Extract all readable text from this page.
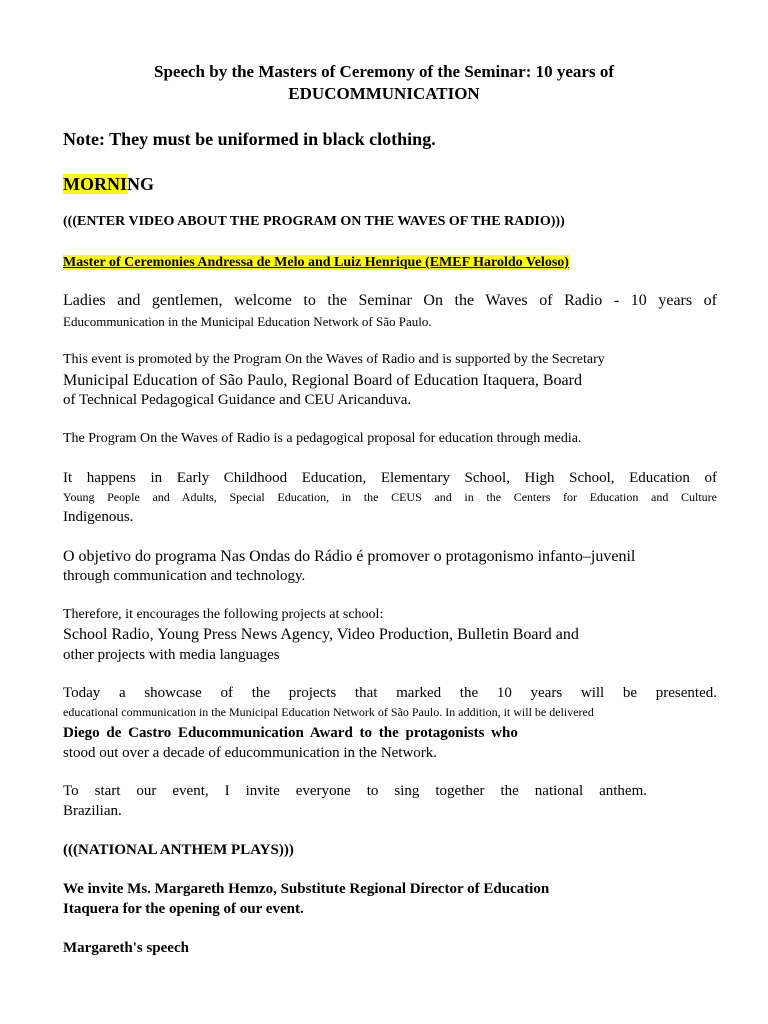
Speech by the Masters of Ceremony of the Seminar: 10 years of
EDUCOMMUNICATION
Note: They must be uniformed in black clothing.
MORNING
(((ENTER VIDEO ABOUT THE PROGRAM ON THE WAVES OF THE RADIO)))
Master of Ceremonies Andressa de Melo and Luiz Henrique (EMEF Haroldo Veloso)
Ladies and gentlemen, welcome to the Seminar On the Waves of Radio - 10 years of
Educommunication in the Municipal Education Network of São Paulo.
This event is promoted by the Program On the Waves of Radio and is supported by the Secretary
Municipal Education of São Paulo, Regional Board of Education Itaquera, Board
of Technical Pedagogical Guidance and CEU Aricanduva.
The Program On the Waves of Radio is a pedagogical proposal for education through media.
It happens in Early Childhood Education, Elementary School, High School, Education of
Young People and Adults, Special Education, in the CEUS and in the Centers for Education and Culture
Indigenous.
O objetivo do programa Nas Ondas do Rádio é promover o protagonismo infanto–juvenil
through communication and technology.
Therefore, it encourages the following projects at school:
School Radio, Young Press News Agency, Video Production, Bulletin Board and
other projects with media languages
Today a showcase of the projects that marked the 10 years will be presented.
educational communication in the Municipal Education Network of São Paulo. In addition, it will be delivered
Diego de Castro Educommunication Award to the protagonists who
stood out over a decade of educommunication in the Network.
To start our event, I invite everyone to sing together the national anthem.
Brazilian.
(((NATIONAL ANTHEM PLAYS)))
We invite Ms. Margareth Hemzo, Substitute Regional Director of Education
Itaquera for the opening of our event.
Margareth's speech
